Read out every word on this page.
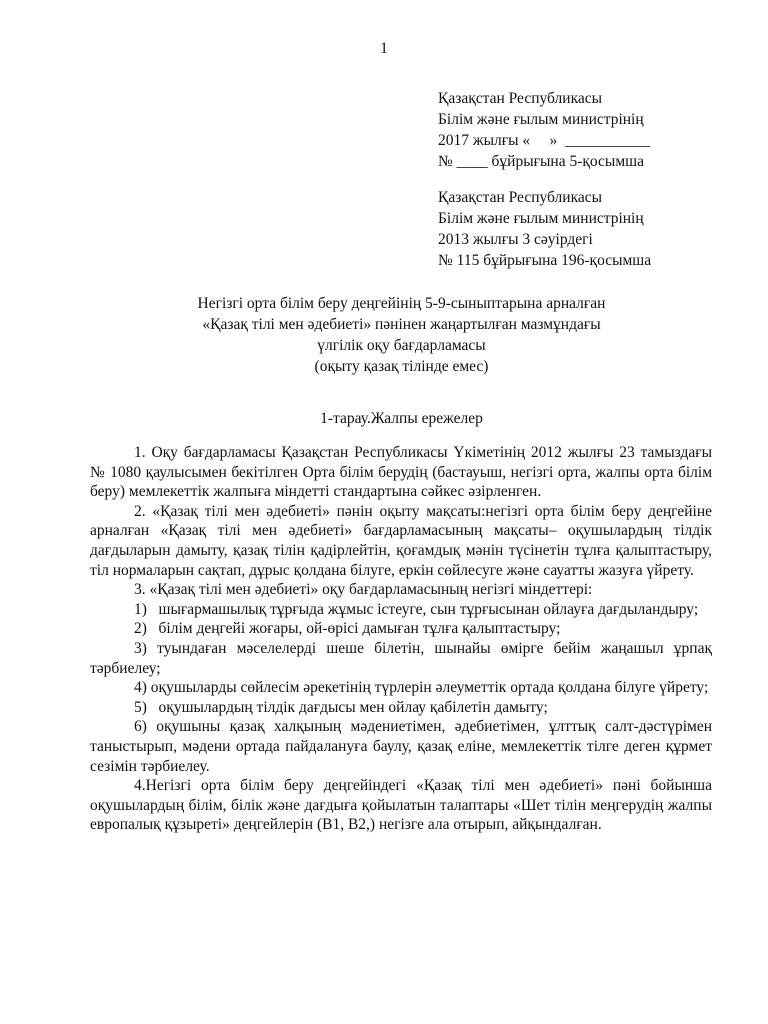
1
Қазақстан Республикасы
Білім және ғылым министрінің
2017 жылғы «     »  ___________
№ ____ бұйрығына 5-қосымша
Қазақстан Республикасы
Білім және ғылым министрінің
2013 жылғы 3 сәуірдегі
№ 115 бұйрығына 196-қосымша
Негізгі орта білім беру деңгейінің 5-9-сыныптарына арналған
«Қазақ тілі мен әдебиеті» пәнінен жаңартылған мазмұндағы
үлгілік оқу бағдарламасы
(оқыту қазақ тілінде емес)
1-тарау.Жалпы ережелер

1. Оқу бағдарламасы Қазақстан Республикасы Үкіметінің 2012 жылғы 23 тамыздағы № 1080 қаулысымен бекітілген Орта білім берудің (бастауыш, негізгі орта, жалпы орта білім беру) мемлекеттік жалпыға міндетті стандартына сәйкес әзірленген.

2. «Қазақ тілі мен әдебиеті» пәнін оқыту мақсаты:негізгі орта білім беру деңгейіне арналған «Қазақ тілі мен әдебиеті» бағдарламасының мақсаты– оқушылардың тілдік дағдыларын дамыту, қазақ тілін қадірлейтін, қоғамдық мәнін түсінетін тұлға қалыптастыру, тіл нормаларын сақтап, дұрыс қолдана білуге, еркін сөйлесуге және сауатты жазуға үйрету.

3. «Қазақ тілі мен әдебиеті» оқу бағдарламасының негізгі міндеттері:

1)   шығармашылық тұрғыда жұмыс істеуге, сын тұрғысынан ойлауға дағдыландыру;

2)   білім деңгейі жоғары, ой-өрісі дамыған тұлға қалыптастыру;

3) туындаған мәселелерді шеше білетін, шынайы өмірге бейім жаңашыл ұрпақ тәрбиелеу;

4) оқушыларды сөйлесім әрекетінің түрлерін әлеуметтік ортада қолдана білуге үйрету;

5)   оқушылардың тілдік дағдысы мен ойлау қабілетін дамыту;

6) оқушыны қазақ халқының мәдениетімен, әдебиетімен, ұлттық салт-дәстүрімен таныстырып, мәдени ортада пайдалануға баулу, қазақ еліне, мемлекеттік тілге деген құрмет сезімін тәрбиелеу.

4.Негізгі орта білім беру деңгейіндегі «Қазақ тілі мен әдебиеті» пәні бойынша оқушылардың білім, білік және дағдыға қойылатын талаптары «Шет тілін меңгерудің жалпы европалық құзыреті» деңгейлерін (В1, В2,) негізге ала отырып, айқындалған.
